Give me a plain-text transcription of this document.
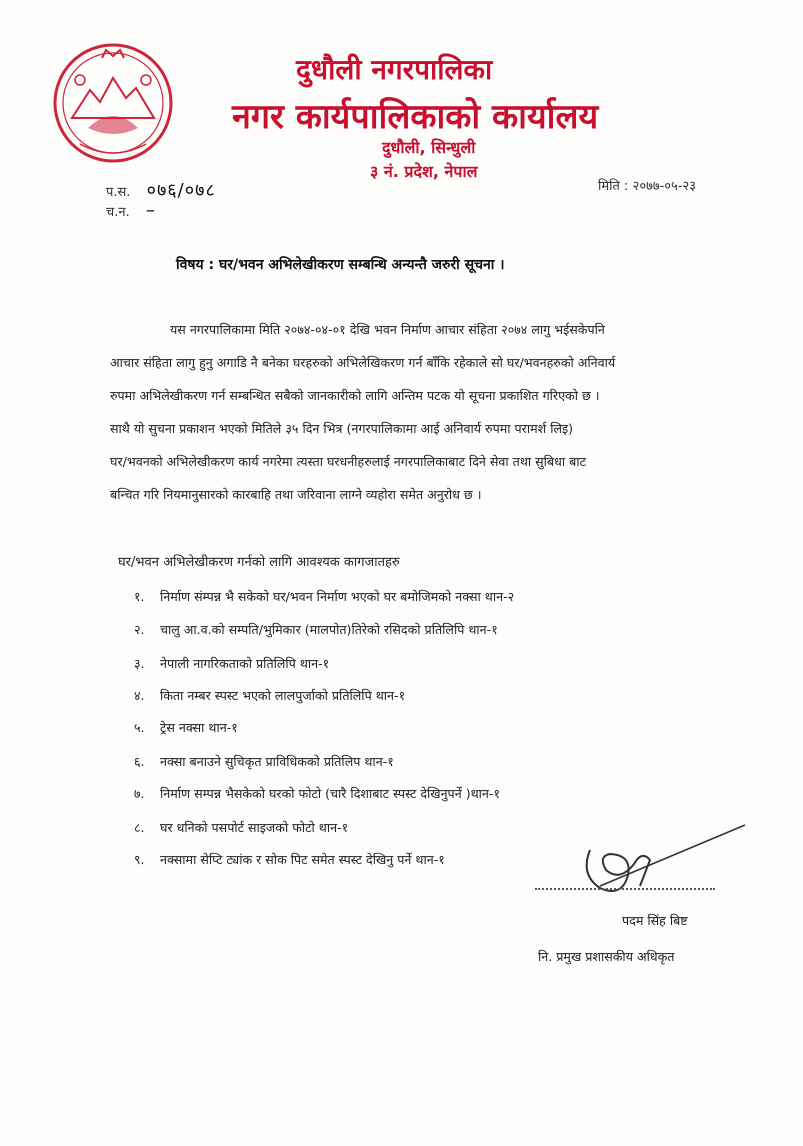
दुधौली नगरपालिका
नगर कार्यपालिकाको कार्यालय
दुधौली, सिन्धुली
३ नं. प्रदेश, नेपाल
प.स. ०७६/०७८
च.न. –
मिति : २०७७-०५-२३
विषय : घर/भवन अभिलेखीकरण सम्बन्धि अन्यन्तै जरुरी सूचना ।
यस नगरपालिकामा मिति २०७४-०४-०१ देखि भवन निर्माण आचार संहिता २०७४ लागु भईसकेपनि
आचार संहिता लागु हुनु अगाडि नै बनेका घरहरुको अभिलेखिकरण गर्न बाँकि रहेकाले सो घर/भवनहरुको अनिवार्य
रुपमा अभिलेखीकरण गर्न सम्बन्धित सबैको जानकारीको लागि अन्तिम पटक यो सूचना प्रकाशित गरिएको छ ।
साथै यो सुचना प्रकाशन भएको मितिले ३५ दिन भित्र (नगरपालिकामा आई अनिवार्य रुपमा परामर्श लिइ)
घर/भवनको अभिलेखीकरण कार्य नगरेमा त्यस्ता घरधनीहरुलाई नगरपालिकाबाट दिने सेवा तथा सुबिधा बाट
बन्चित गरि नियमानुसारको कारबाहि तथा जरिवाना लाग्ने व्यहोरा समेत अनुरोध छ ।
घर/भवन अभिलेखीकरण गर्नको लागि आवश्यक कागजातहरु
१. निर्माण संम्पन्न भै सकेको घर/भवन निर्माण भएको घर बमोजिमको नक्सा थान-२
२. चालु आ.व.को सम्पति/भुमिकार (मालपोत)तिरेको रसिदको प्रतिलिपि थान-१
३. नेपाली नागरिकताको प्रतिलिपि थान-१
४. किता नम्बर स्पस्ट भएको लालपुर्जाको प्रतिलिपि थान-१
५. ट्रेस नक्सा थान-१
६. नक्सा बनाउने सुचिकृत प्राविधिकको प्रतिलिप थान-१
७. निर्माण सम्पन्न भैसकेको घरको फोटो (चारै दिशाबाट स्पस्ट देखिनुपर्ने )थान-१
८. घर धनिको पसपोर्ट साइजको फोटो थान-१
९. नक्सामा सेप्टि ट्यांक र सोक पिट समेत स्पस्ट देखिनु पर्ने थान-१
पदम सिंह बिष्ट
नि. प्रमुख प्रशासकीय अधिकृत
